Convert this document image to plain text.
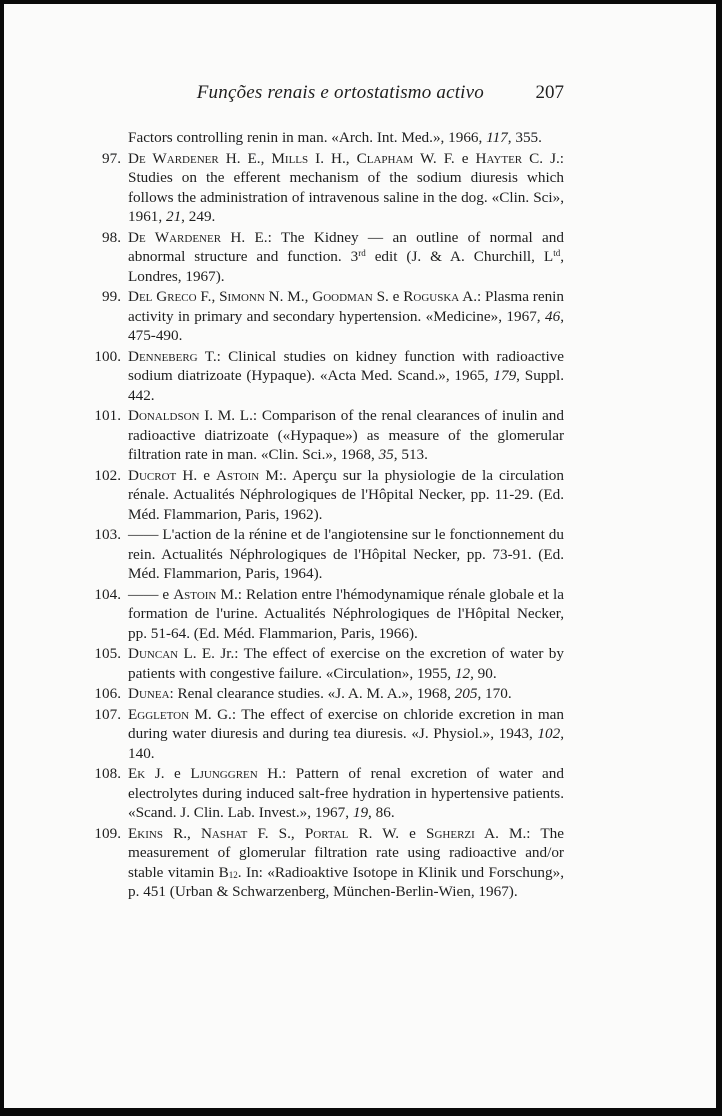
Funções renais e ortostatismo activo	207
Factors controlling renin in man. «Arch. Int. Med.», 1966, 117, 355.
97. De Wardener H. E., Mills I. H., Clapham W. F. e Hayter C. J.: Studies on the efferent mechanism of the sodium diuresis which follows the administration of intravenous saline in the dog. «Clin. Sci», 1961, 21, 249.
98. De Wardener H. E.: The Kidney — an outline of normal and abnormal structure and function. 3rd edit (J. & A. Churchill, $L^{td}$, Londres, 1967).
99. Del Greco F., Simonn N. M., Goodman S. e Roguska A.: Plasma renin activity in primary and secondary hypertension. «Medicine», 1967, 46, 475-490.
100. Denneberg T.: Clinical studies on kidney function with radioactive sodium diatrizoate (Hypaque). «Acta Med. Scand.», 1965, 179, Suppl. 442.
101. Donaldson I. M. L.: Comparison of the renal clearances of inulin and radioactive diatrizoate («Hypaque») as measure of the glomerular filtration rate in man. «Clin. Sci.», 1968, 35, 513.
102. Ducrot H. e Astoin M:. Aperçu sur la physiologie de la circulation rénale. Actualités Néphrologiques de l'Hôpital Necker, pp. 11-29. (Ed. Méd. Flammarion, Paris, 1962).
103. —— L'action de la rénine et de l'angiotensine sur le fonctionnement du rein. Actualités Néphrologiques de l'Hôpital Necker, pp. 73-91. (Ed. Méd. Flammarion, Paris, 1964).
104. —— e Astoin M.: Relation entre l'hémodynamique rénale globale et la formation de l'urine. Actualités Néphrologiques de l'Hôpital Necker, pp. 51-64. (Ed. Méd. Flammarion, Paris, 1966).
105. Duncan L. E. Jr.: The effect of exercise on the excretion of water by patients with congestive failure. «Circulation», 1955, 12, 90.
106. Dunea: Renal clearance studies. «J. A. M. A.», 1968, 205, 170.
107. Eggleton M. G.: The effect of exercise on chloride excretion in man during water diuresis and during tea diuresis. «J. Physiol.», 1943, 102, 140.
108. Ek J. e Ljunggren H.: Pattern of renal excretion of water and electrolytes during induced salt-free hydration in hypertensive patients. «Scand. J. Clin. Lab. Invest.», 1967, 19, 86.
109. Ekins R., Nashat F. S., Portal R. W. e Sgherzi A. M.: The measurement of glomerular filtration rate using radioactive and/or stable vitamin $B_{12}$. In: «Radioaktive Isotope in Klinik und Forschung», p. 451 (Urban & Schwarzenberg, München-Berlin-Wien, 1967).
